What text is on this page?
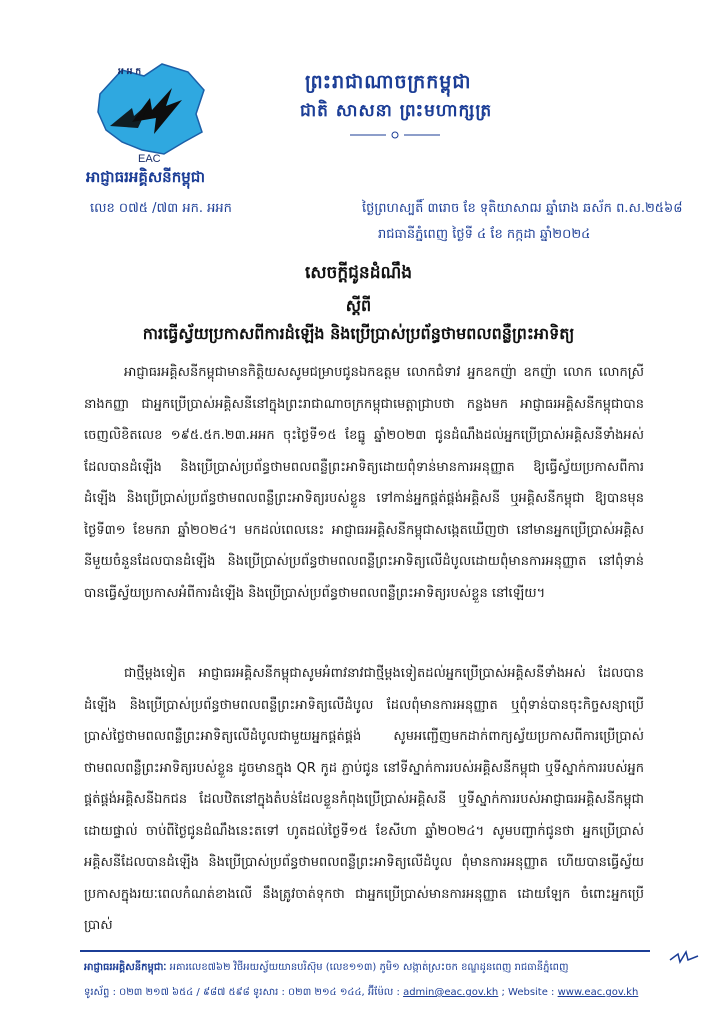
អអក
EAC
អាជ្ញាធរអគ្គិសនីកម្ពុជា
លេខ ០៧៥ /៧៣ អក. អអក
ព្រះរាជាណាចក្រកម្ពុជា
ជាតិ សាសនា ព្រះមហាក្សត្រ
ថ្ងៃព្រហស្បតិ៍ ៣រោច ខែ ទុតិយាសាឍ ឆ្នាំរោង ឆស័ក ព.ស.២៥៦៨
រាជធានីភ្នំពេញ ថ្ងៃទី ៤ ខែ កក្កដា ឆ្នាំ២០២៤
សេចក្តីជូនដំណឹង
ស្តីពី
ការធ្វើស្វ័យប្រកាសពីការដំឡើង និងប្រើប្រាស់ប្រព័ន្ធថាមពលពន្លឺព្រះអាទិត្យ

អាជ្ញាធរអគ្គិសនីកម្ពុជាមានកិត្តិយសសូមជម្រាបជូនឯកឧត្តម លោកជំទាវ អ្នកឧកញ៉ា ឧកញ៉ា លោក លោកស្រី នាងកញ្ញា ជាអ្នកប្រើប្រាស់អគ្គិសនីនៅក្នុងព្រះរាជាណាចក្រកម្ពុជាមេត្តាជ្រាបថា កន្លងមក អាជ្ញាធរអគ្គិសនីកម្ពុជាបានចេញលិខិតលេខ ១៩៥.៥ក.២៣.អអក ចុះថ្ងៃទី១៥ ខែធ្នូ ឆ្នាំ២០២៣ ជូនដំណឹងដល់អ្នកប្រើប្រាស់អគ្គិសនីទាំងអស់ ដែលបានដំឡើង និងប្រើប្រាស់ប្រព័ន្ធថាមពលពន្លឺព្រះអាទិត្យដោយពុំទាន់មានការអនុញ្ញាត ឱ្យធ្វើស្វ័យប្រកាសពីការដំឡើង និងប្រើប្រាស់ប្រព័ន្ធថាមពលពន្លឺព្រះអាទិត្យរបស់ខ្លួន ទៅកាន់អ្នកផ្គត់ផ្គង់អគ្គិសនី ឬអគ្គិសនីកម្ពុជា ឱ្យបានមុនថ្ងៃទី៣១ ខែមករា ឆ្នាំ២០២៤។ មកដល់ពេលនេះ អាជ្ញាធរអគ្គិសនីកម្ពុជាសង្កេតឃើញថា នៅមានអ្នកប្រើប្រាស់អគ្គិសនីមួយចំនួនដែលបានដំឡើង និងប្រើប្រាស់ប្រព័ន្ធថាមពលពន្លឺព្រះអាទិត្យលើដំបូលដោយពុំមានការអនុញ្ញាត នៅពុំទាន់បានធ្វើស្វ័យប្រកាសអំពីការដំឡើង និងប្រើប្រាស់ប្រព័ន្ធថាមពលពន្លឺព្រះអាទិត្យរបស់ខ្លួន នៅឡើយ។

ជាថ្មីម្តងទៀត អាជ្ញាធរអគ្គិសនីកម្ពុជាសូមអំពាវនាវជាថ្មីម្តងទៀតដល់អ្នកប្រើប្រាស់អគ្គិសនីទាំងអស់ ដែលបានដំឡើង និងប្រើប្រាស់ប្រព័ន្ធថាមពលពន្លឺព្រះអាទិត្យលើដំបូល ដែលពុំមានការអនុញ្ញាត ឬពុំទាន់បានចុះកិច្ចសន្យាប្រើប្រាស់ថ្លៃថាមពលពន្លឺព្រះអាទិត្យលើដំបូលជាមួយអ្នកផ្គត់ផ្គង់ សូមអញ្ជើញមកដាក់ពាក្យស្វ័យប្រកាសពីការប្រើប្រាស់ថាមពលពន្លឺព្រះអាទិត្យរបស់ខ្លួន ដូចមានក្នុង QR កូដ ភ្ជាប់ជូន នៅទីស្នាក់ការរបស់អគ្គិសនីកម្ពុជា ឬទីស្នាក់ការរបស់អ្នកផ្គត់ផ្គង់អគ្គិសនីឯកជន ដែលឋិតនៅក្នុងតំបន់ដែលខ្លួនកំពុងប្រើប្រាស់អគ្គិសនី ឬទីស្នាក់ការរបស់អាជ្ញាធរអគ្គិសនីកម្ពុជាដោយផ្ទាល់ ចាប់ពីថ្ងៃជូនដំណឹងនេះតទៅ ហូតដល់ថ្ងៃទី១៥ ខែសីហា ឆ្នាំ២០២៤។ សូមបញ្ជាក់ជូនថា អ្នកប្រើប្រាស់អគ្គិសនីដែលបានដំឡើង និងប្រើប្រាស់ប្រព័ន្ធថាមពលពន្លឺព្រះអាទិត្យលើដំបូល ពុំមានការអនុញ្ញាត ហើយបានធ្វើស្វ័យប្រកាសក្នុងរយៈពេលកំណត់ខាងលើ នឹងត្រូវចាត់ទុកថា ជាអ្នកប្រើប្រាស់មានការអនុញ្ញាត ដោយឡែក ចំពោះអ្នកប្រើប្រាស់

អាជ្ញាធរអគ្គិសនីកម្ពុជាៈ អគារលេខ៧៦២ វិថីអយស្វ័យយានបរិស៊ុម (លេខ១១៣) ភូមិ១ សង្កាត់ស្រះចក ខណ្ឌដូនពេញ រាជធានីភ្នំពេញ
ទូរស័ព្ទ : ០២៣ ២១៧ ៦៥៤ / ៩៨៧ ៥៩៨ ទូរសារ : ០២៣ ២១៤ ១៤៤, អ៊ីម៉ែល : admin@eac.gov.kh ; Website : www.eac.gov.kh
